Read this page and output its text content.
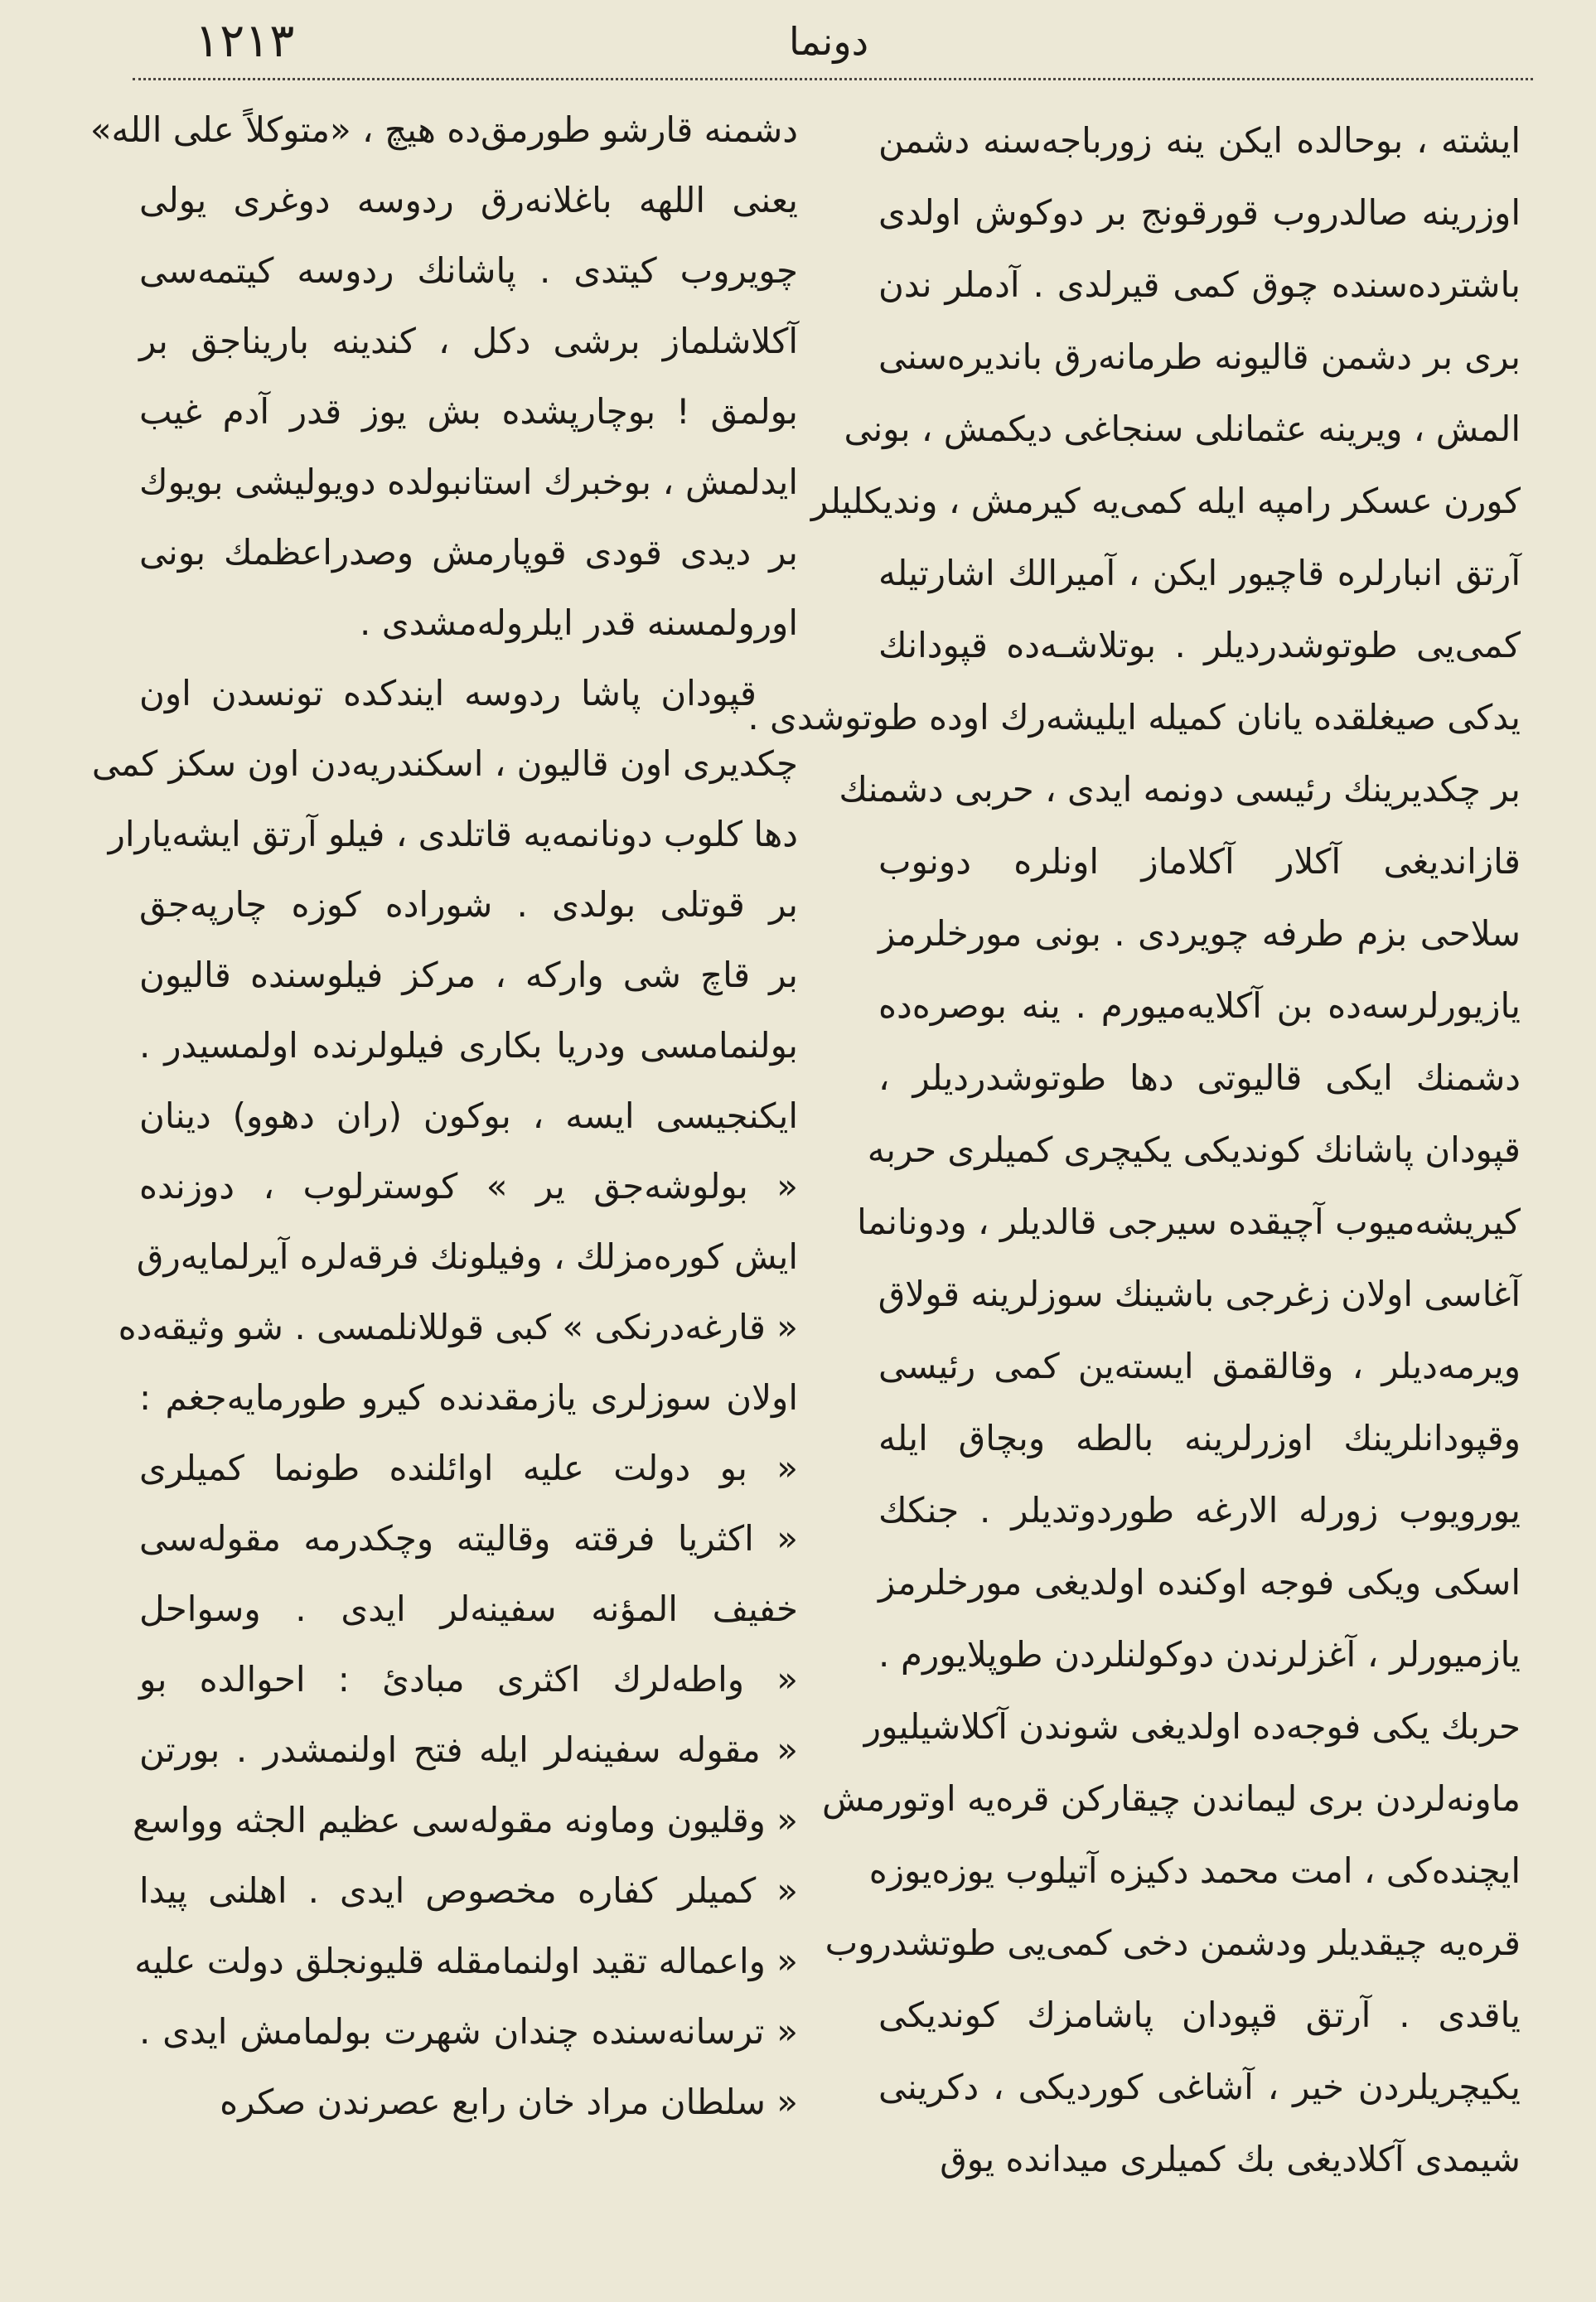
١٢١٣	دونما
ایشته ، بوحالده ایکن ینه زورباجه‌سنه دشمن
اوزرینه صالدروب قورقونج بر دوکوش اولدی
باشترده‌سنده چوق کمی قیرلدی . آدملر ندن
بری بر دشمن قالیونه طرمانه‌رق باندیره‌سنی
المش ، ویرینه عثمانلی سنجاغی دیکمش ، بونی
کورن عسکر رامپه ایله کمی‌یه کیرمش ، وندیکلیلر
آرتق انبارلره قاچیور ایکن ، آمیرالك اشارتیله
کمی‌یی طوتوشدردیلر . بوتلاشـه‌ده قپودانك
یدکی صیغلقده یانان کمیله ایلیشه‌رك اوده طوتوشدی .
بر چکدیرینك رئیسی دونمه ایدی ، حربی دشمنك
قازاندیغی آکلار آکلاماز اونلره دونوب
سلاحی بزم طرفه چویردی . بونی مورخلرمز
یازیورلرسه‌ده بن آکلایه‌میورم . ینه بوصره‌ده
دشمنك ایکی قالیوتی دها طوتوشدردیلر ،
قپودان پاشانك کوندیکی یکیچری کمیلری حربه
کیریشه‌میوب آچیقده سیرجی قالدیلر ، ودونانما
آغاسی اولان زغرجی باشینك سوزلرینه قولاق
ویرمه‌دیلر ، وقالقمق ایسته‌ین کمی رئیسی
وقپودانلرینك اوزرلرینه بالطه وبچاق ایله
یورویوب زورله الارغه طوردوتدیلر . جنکك
اسکی ویکی فوجه اوکنده اولدیغی مورخلرمز
یازمیورلر ، آغزلرندن دوکولنلردن طوپلایورم .
حربك یکی فوجه‌ده اولدیغی شوندن آکلاشیلیور
ماونه‌لردن بری لیماندن چیقارکن قره‌یه اوتورمش
ایچنده‌کی ، امت محمد دکیزه آتیلوب یوزه‌یوزه
قره‌یه چیقدیلر ودشمن دخی کمی‌یی طوتشدروب
یاقدی . آرتق قپودان پاشامزك کوندیکی
یکیچریلردن خیر ، آشاغی کوردیکی ، دکرینی
شیمدی آکلادیغی بك کمیلری میدانده یوق
دشمنه قارشو طورمق‌ده هیچ ، «متوکلاً علی الله»
یعنی اللهه باغلانه‌رق ردوسه دوغری یولی
چویروب کیتدی . پاشانك ردوسه کیتمه‌سی
آکلاشلماز برشی دکل ، کندینه باریناجق بر
بولمق ! بوچارپشده بش یوز قدر آدم غیب
ایدلمش ، بوخبرك استانبولده دویولیشی بویوك
بر دیدی قودی قوپارمش وصدراعظمك بونی
اورولمسنه قدر ایلروله‌مشدی .
قپودان پاشا ردوسه ایندکده تونسدن اون
چکدیری اون قالیون ، اسکندریه‌دن اون سکز کمی
دها کلوب دونانمه‌یه قاتلدی ، فیلو آرتق ایشه‌یارار
بر قوتلی بولدی . شوراده کوزه چارپه‌جق
بر قاچ شی وارکه ، مرکز فیلوسنده قالیون
بولنمامسی ودریا بکاری فیلولرنده اولمسیدر .
ایکنجیسی ایسه ، بوکون (ران دهوو) دینان
« بولوشه‌جق یر » کوسترلوب ، دوزنده
ایش کوره‌مزلك ، وفیلونك فرقه‌لره آیرلمایه‌رق
« قارغه‌درنکی » کبی قوللانلمسی . شو وثیقه‌ده
اولان سوزلری یازمقدنده کیرو طورمایه‌جغم :
« بو دولت علیه اوائلنده طونما کمیلری
« اکثریا فرقته وقالیته وچکدرمه مقوله‌سی
خفیف المؤنه سفینه‌لر ایدی . وسواحل
« واطه‌لرك اکثری مبادیٔ : احوالده بو
« مقوله سفینه‌لر ایله فتح اولنمشدر . بورتن
« وقلیون وماونه مقوله‌سی عظیم الجثه وواسع
« کمیلر کفاره مخصوص ایدی . اهلنی پیدا
« واعماله تقید اولنمامقله قلیونجلق دولت علیه
« ترسانه‌سنده چندان شهرت بولمامش ایدی .
« سلطان مراد خان رابع عصرندن صکره
